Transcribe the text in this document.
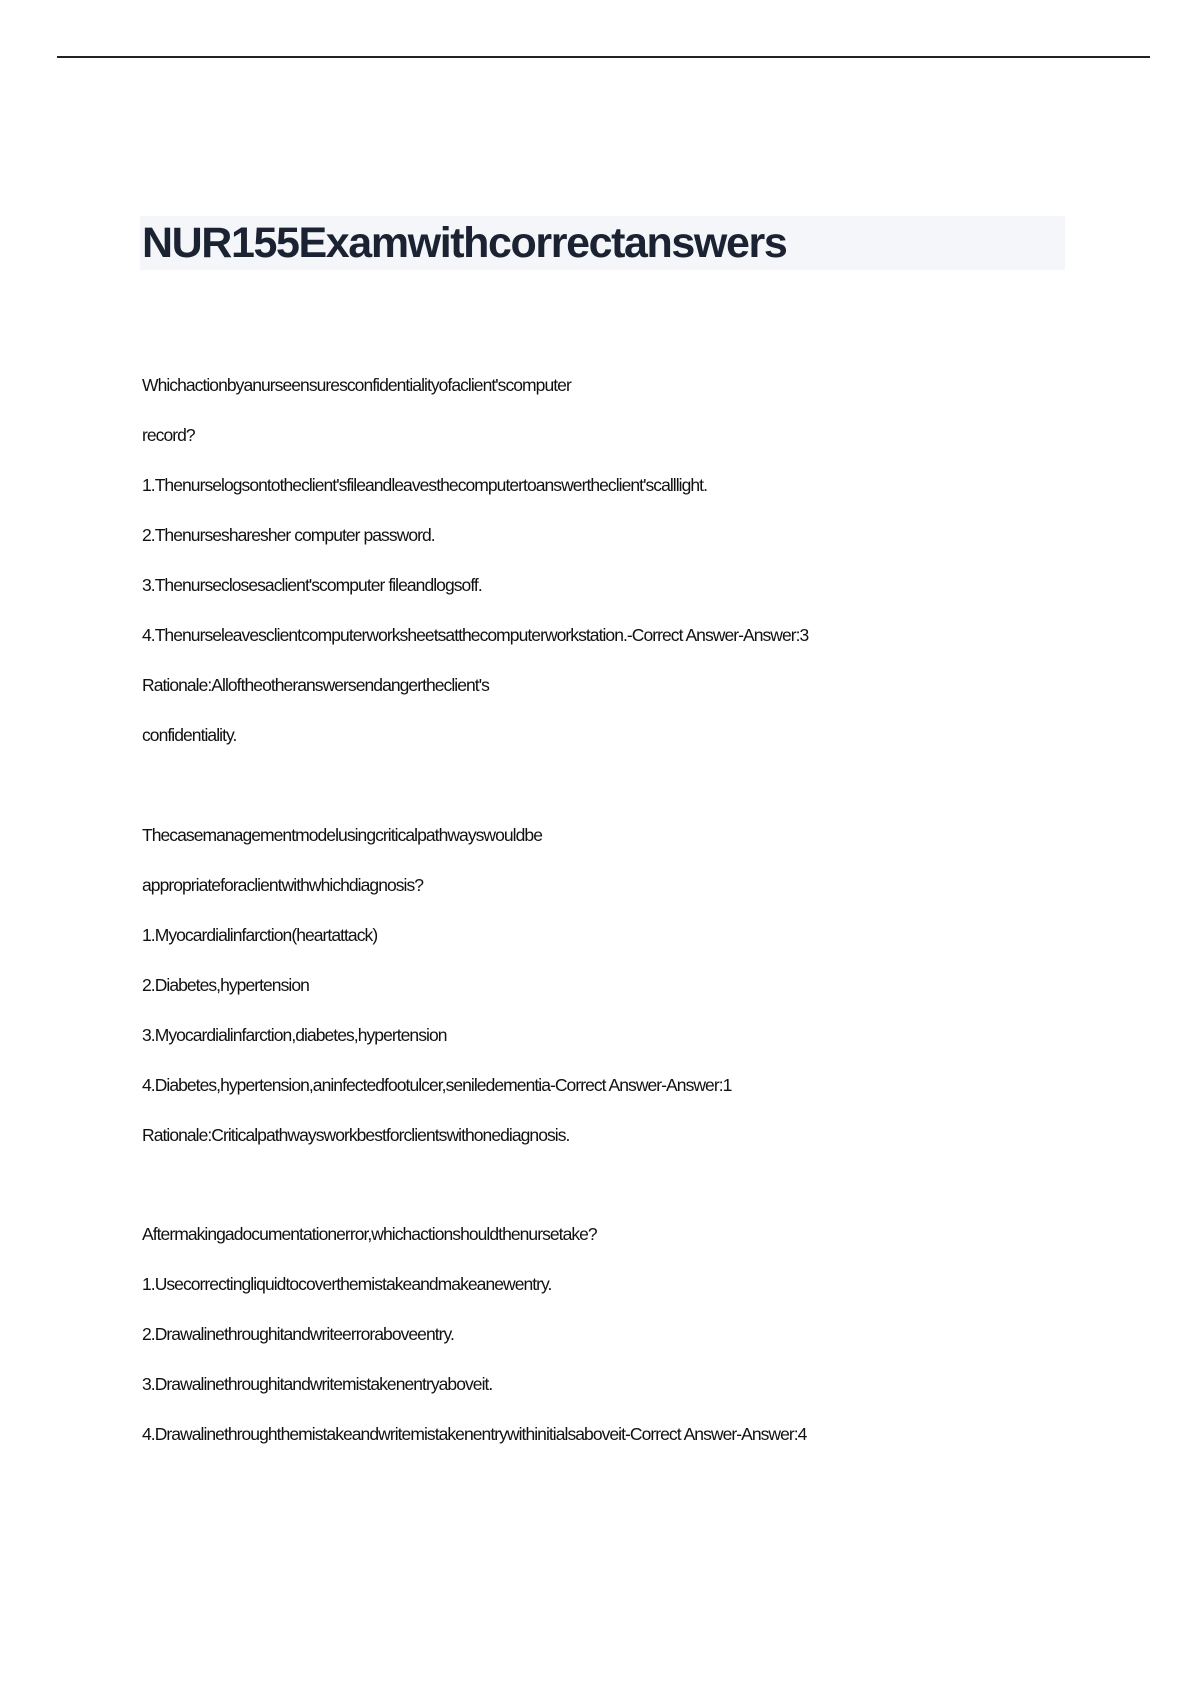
NUR155Examwithcorrectanswers
Whichactionbyanurseensuresconfidentialityofaclient'scomputer
record?
1.Thenurselogsontotheclient'sfileandleavesthecomputertoanswertheclient'scalllight.
2.Thenursesharesher computer password.
3.Thenurseclosesaclient'scomputer fileandlogsoff.
4.Thenurseleavesclientcomputerworksheetsatthecomputerworkstation.-Correct Answer-Answer:3
Rationale:Alloftheotheranswersendangertheclient's
confidentiality.
Thecasemanagementmodelusingcriticalpathwayswouldbe
appropriateforaclientwithwhichdiagnosis?
1.Myocardialinfarction(heartattack)
2.Diabetes,hypertension
3.Myocardialinfarction,diabetes,hypertension
4.Diabetes,hypertension,aninfectedfootulcer,seniledementia-Correct Answer-Answer:1
Rationale:Criticalpathwaysworkbestforclientswithonediagnosis.
Aftermakingadocumentationerror,whichactionshouldthenursetake?
1.Usecorrectingliquidtocoverthemistakeandmakeanewentry.
2.Drawalinethroughitandwriteerroraboveentry.
3.Drawalinethroughitandwritemistakenentryaboveit.
4.Drawalinethroughthemistakeandwritemistakenentrywithinitialsaboveit-Correct Answer-Answer:4
